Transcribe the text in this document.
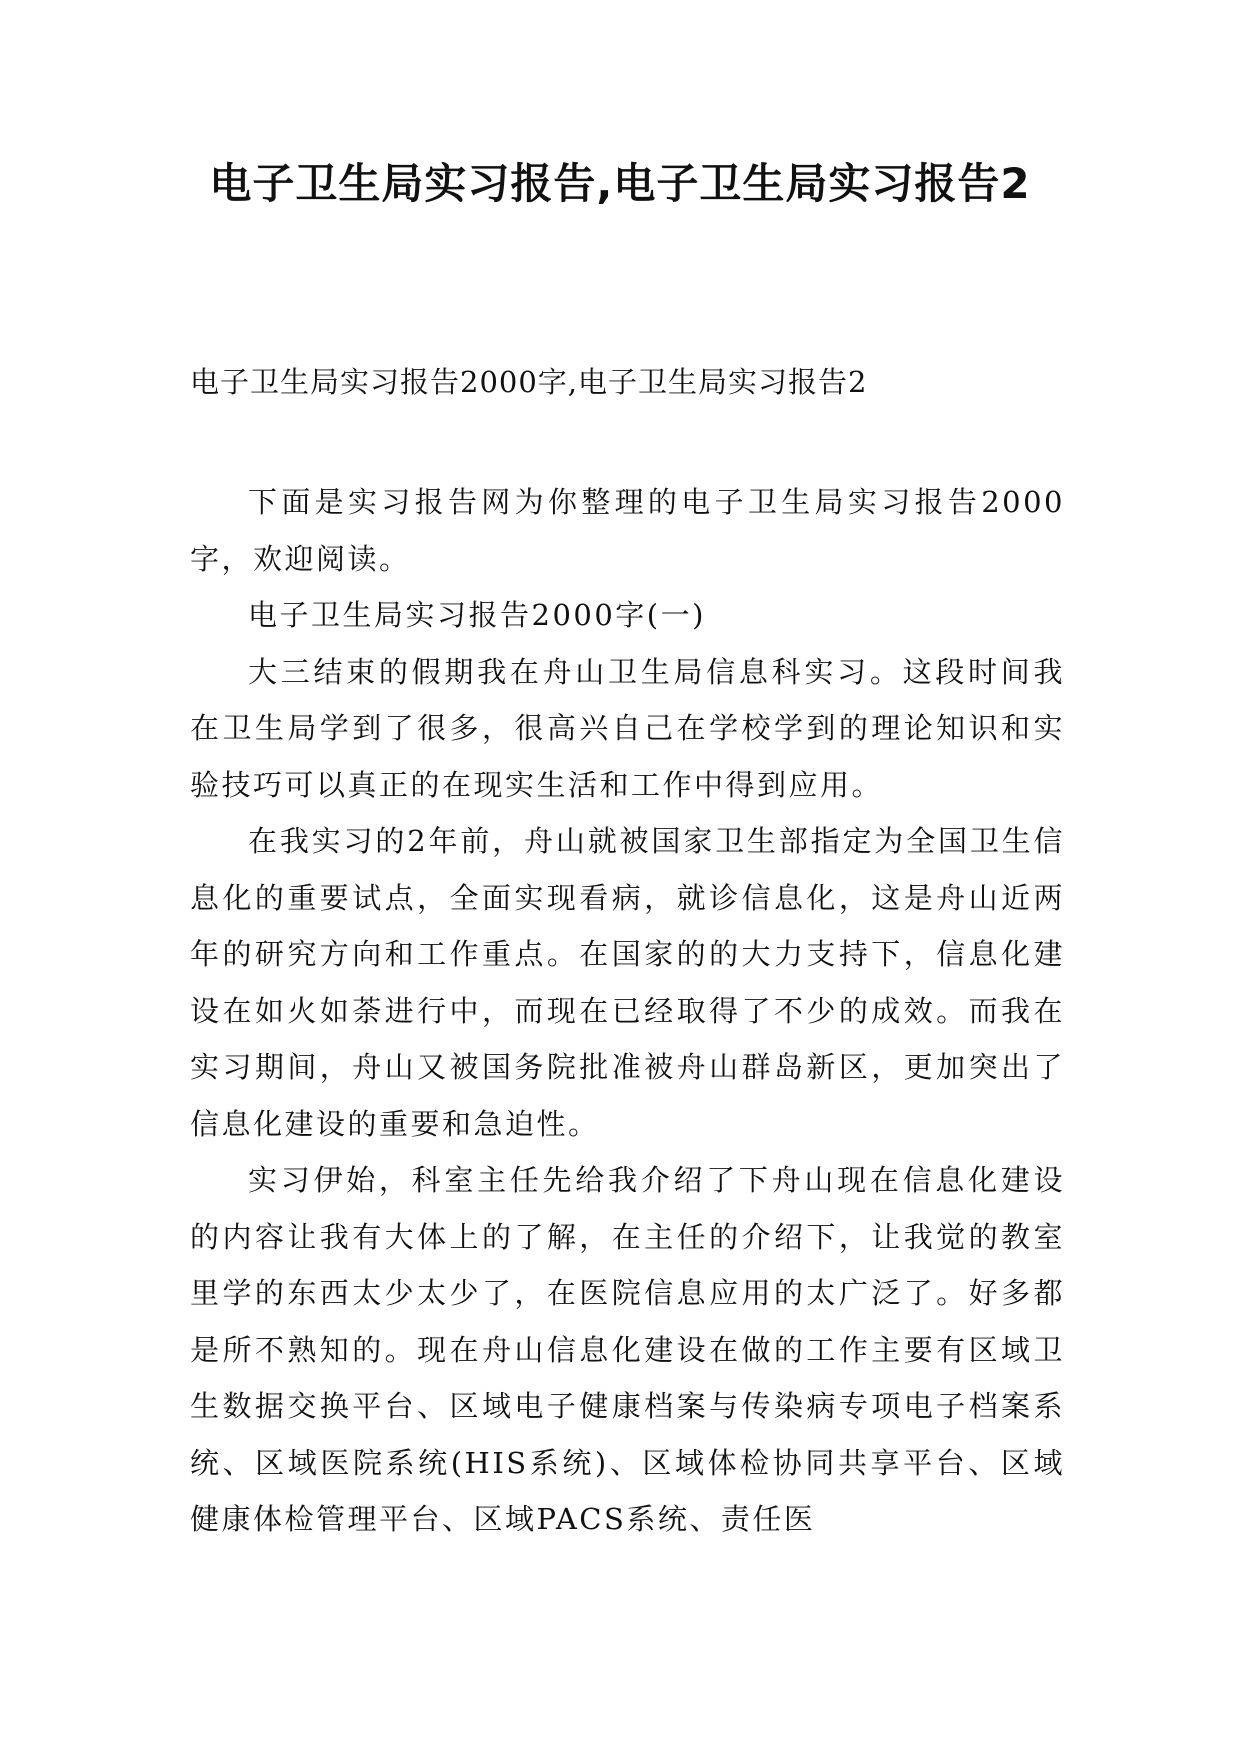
电子卫生局实习报告,电子卫生局实习报告2
电子卫生局实习报告2000字,电子卫生局实习报告2

下面是实习报告网为你整理的电子卫生局实习报告2000字，欢迎阅读。

电子卫生局实习报告2000字(一)

大三结束的假期我在舟山卫生局信息科实习。这段时间我在卫生局学到了很多，很高兴自己在学校学到的理论知识和实验技巧可以真正的在现实生活和工作中得到应用。

在我实习的2年前，舟山就被国家卫生部指定为全国卫生信息化的重要试点，全面实现看病，就诊信息化，这是舟山近两年的研究方向和工作重点。在国家的的大力支持下，信息化建设在如火如荼进行中，而现在已经取得了不少的成效。而我在实习期间，舟山又被国务院批准被舟山群岛新区，更加突出了信息化建设的重要和急迫性。

实习伊始，科室主任先给我介绍了下舟山现在信息化建设的内容让我有大体上的了解，在主任的介绍下，让我觉的教室里学的东西太少太少了，在医院信息应用的太广泛了。好多都是所不熟知的。现在舟山信息化建设在做的工作主要有区域卫生数据交换平台、区域电子健康档案与传染病专项电子档案系统、区域医院系统(HIS系统)、区域体检协同共享平台、区域健康体检管理平台、区域PACS系统、责任医
